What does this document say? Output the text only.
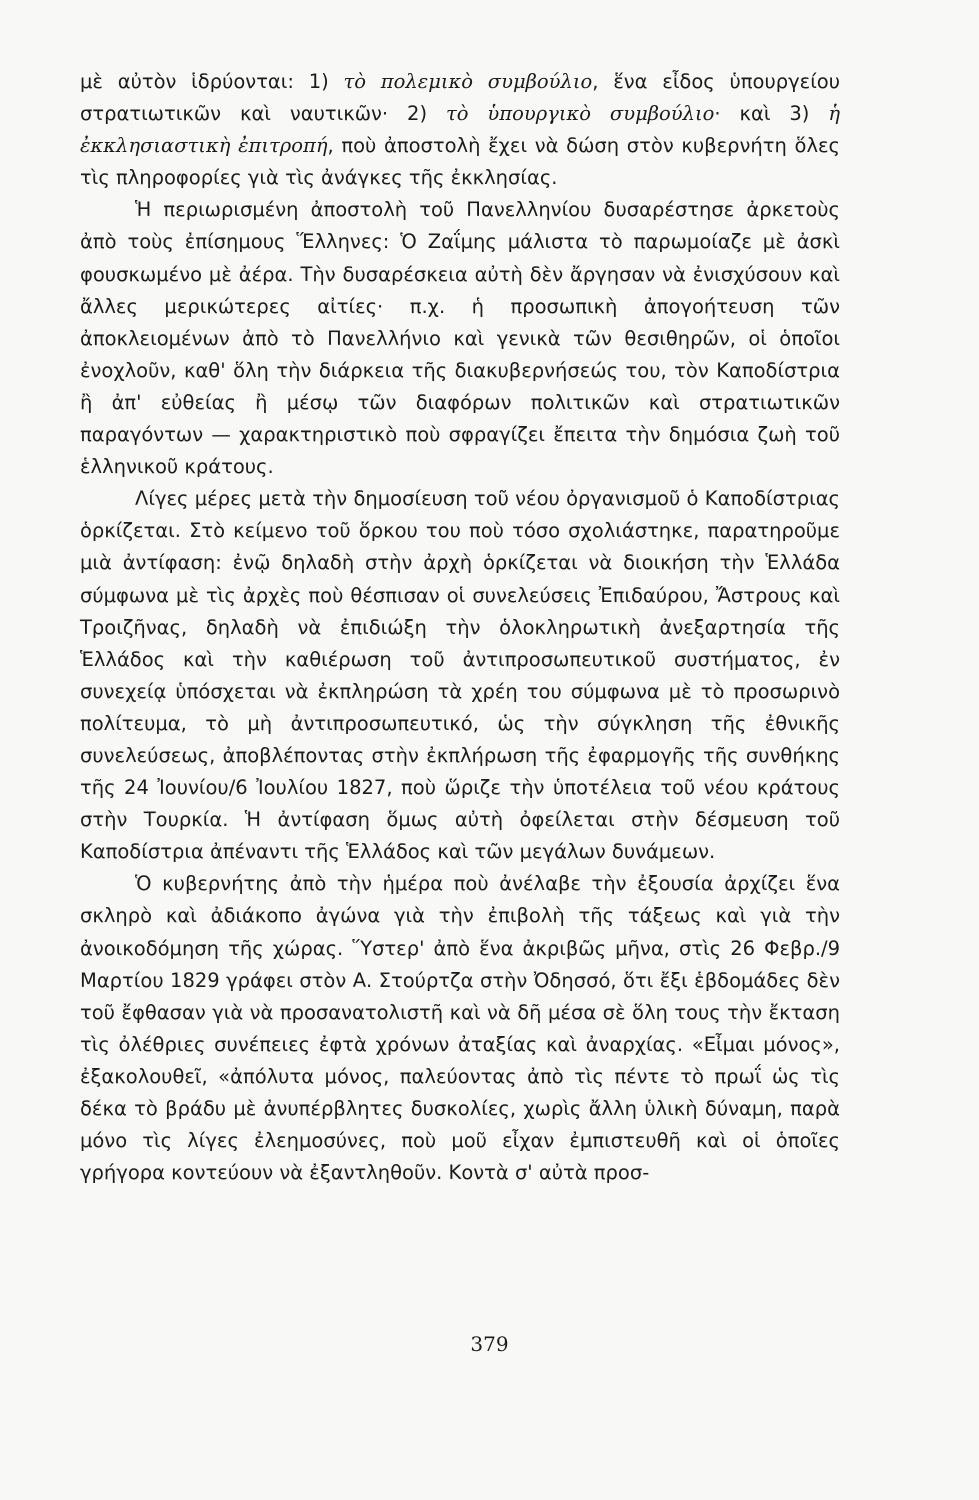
μὲ αὐτὸν ἱδρύονται: 1) τὸ πολεμικὸ συμβούλιο, ἕνα εἶδος ὑπουργείου στρατιωτικῶν καὶ ναυτικῶν· 2) τὸ ὑπουργικὸ συμβούλιο· καὶ 3) ἡ ἐκκλησιαστικὴ ἐπιτροπή, ποὺ ἀποστολὴ ἔχει νὰ δώση στὸν κυβερνήτη ὅλες τὶς πληροφορίες γιὰ τὶς ἀνάγκες τῆς ἐκκλησίας.

Ἡ περιωρισμένη ἀποστολὴ τοῦ Πανελληνίου δυσαρέστησε ἀρκετοὺς ἀπὸ τοὺς ἐπίσημους Ἕλληνες: Ὁ Ζαΐμης μάλιστα τὸ παρωμοίαζε μὲ ἀσκὶ φουσκωμένο μὲ ἀέρα. Τὴν δυσαρέσκεια αὐτὴ δὲν ἄργησαν νὰ ἐνισχύσουν καὶ ἄλλες μερικώτερες αἰτίες· π.χ. ἡ προσωπικὴ ἀπογοήτευση τῶν ἀποκλειομένων ἀπὸ τὸ Πανελλήνιο καὶ γενικὰ τῶν θεσιθηρῶν, οἱ ὁποῖοι ἐνοχλοῦν, καθ' ὅλη τὴν διάρκεια τῆς διακυβερνήσεώς του, τὸν Καποδίστρια ἢ ἀπ' εὐθείας ἢ μέσῳ τῶν διαφόρων πολιτικῶν καὶ στρατιωτικῶν παραγόντων — χαρακτηριστικὸ ποὺ σφραγίζει ἔπειτα τὴν δημόσια ζωὴ τοῦ ἑλληνικοῦ κράτους.

Λίγες μέρες μετὰ τὴν δημοσίευση τοῦ νέου ὀργανισμοῦ ὁ Καποδίστριας ὁρκίζεται. Στὸ κείμενο τοῦ ὅρκου του ποὺ τόσο σχολιάστηκε, παρατηροῦμε μιὰ ἀντίφαση: ἐνῷ δηλαδὴ στὴν ἀρχὴ ὁρκίζεται νὰ διοικήση τὴν Ἑλλάδα σύμφωνα μὲ τὶς ἀρχὲς ποὺ θέσπισαν οἱ συνελεύσεις Ἐπιδαύρου, Ἄστρους καὶ Τροιζῆνας, δηλαδὴ νὰ ἐπιδιώξη τὴν ὁλοκληρωτικὴ ἀνεξαρτησία τῆς Ἑλλάδος καὶ τὴν καθιέρωση τοῦ ἀντιπροσωπευτικοῦ συστήματος, ἐν συνεχείᾳ ὑπόσχεται νὰ ἐκπληρώση τὰ χρέη του σύμφωνα μὲ τὸ προσωρινὸ πολίτευμα, τὸ μὴ ἀντιπροσωπευτικό, ὡς τὴν σύγκληση τῆς ἐθνικῆς συνελεύσεως, ἀποβλέποντας στὴν ἐκπλήρωση τῆς ἐφαρμογῆς τῆς συνθήκης τῆς 24 Ἰουνίου/6 Ἰουλίου 1827, ποὺ ὥριζε τὴν ὑποτέλεια τοῦ νέου κράτους στὴν Τουρκία. Ἡ ἀντίφαση ὅμως αὐτὴ ὀφείλεται στὴν δέσμευση τοῦ Καποδίστρια ἀπέναντι τῆς Ἑλλάδος καὶ τῶν μεγάλων δυνάμεων.

Ὁ κυβερνήτης ἀπὸ τὴν ἡμέρα ποὺ ἀνέλαβε τὴν ἐξουσία ἀρχίζει ἕνα σκληρὸ καὶ ἀδιάκοπο ἀγώνα γιὰ τὴν ἐπιβολὴ τῆς τάξεως καὶ γιὰ τὴν ἀνοικοδόμηση τῆς χώρας. Ὕστερ' ἀπὸ ἕνα ἀκριβῶς μῆνα, στὶς 26 Φεβρ./9 Μαρτίου 1829 γράφει στὸν Α. Στούρτζα στὴν Ὀδησσό, ὅτι ἔξι ἑβδομάδες δὲν τοῦ ἔφθασαν γιὰ νὰ προσανατολιστῆ καὶ νὰ δῆ μέσα σὲ ὅλη τους τὴν ἔκταση τὶς ὀλέθριες συνέπειες ἐφτὰ χρόνων ἀταξίας καὶ ἀναρχίας. «Εἶμαι μόνος», ἐξακολουθεῖ, «ἀπόλυτα μόνος, παλεύοντας ἀπὸ τὶς πέντε τὸ πρωΐ ὡς τὶς δέκα τὸ βράδυ μὲ ἀνυπέρβλητες δυσκολίες, χωρὶς ἄλλη ὑλικὴ δύναμη, παρὰ μόνο τὶς λίγες ἐλεημοσύνες, ποὺ μοῦ εἶχαν ἐμπιστευθῆ καὶ οἱ ὁποῖες γρήγορα κοντεύουν νὰ ἐξαντληθοῦν. Κοντὰ σ' αὐτὰ προσ-

379
